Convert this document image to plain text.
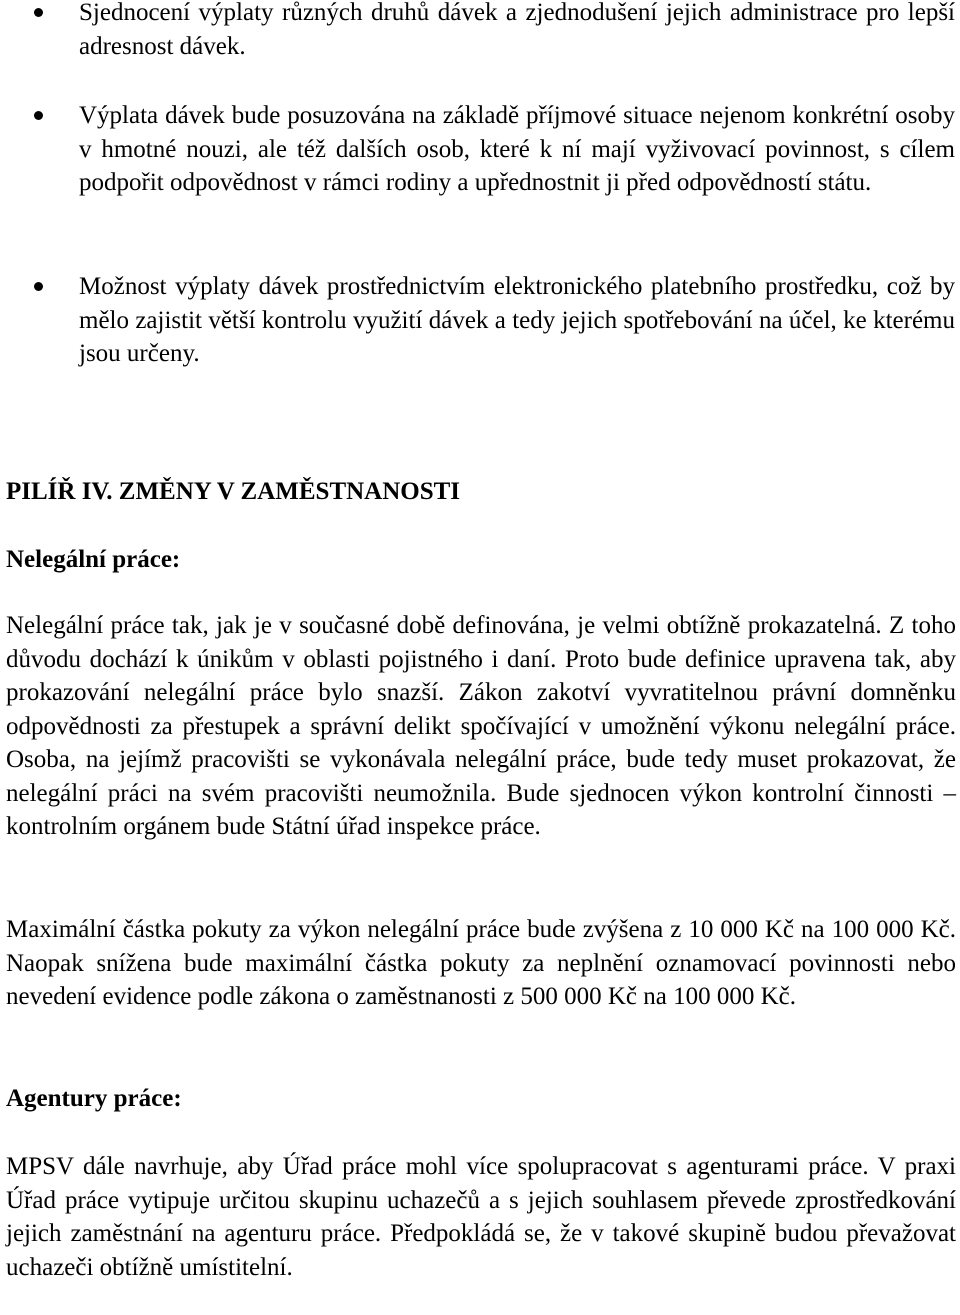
Sjednocení výplaty různých druhů dávek a zjednodušení jejich administrace pro lepší adresnost dávek.

Výplata dávek bude posuzována na základě příjmové situace nejenom konkrétní osoby v hmotné nouzi, ale též dalších osob, které k ní mají vyživovací povinnost, s cílem podpořit odpovědnost v rámci rodiny a upřednostnit ji před odpovědností státu.

Možnost výplaty dávek prostřednictvím elektronického platebního prostředku, což by mělo zajistit větší kontrolu využití dávek a tedy jejich spotřebování na účel, ke kterému jsou určeny.

PILÍŘ IV. ZMĚNY V ZAMĚSTNANOSTI
Nelegální práce:

Nelegální práce tak, jak je v současné době definována, je velmi obtížně prokazatelná. Z toho důvodu dochází k únikům v oblasti pojistného i daní. Proto bude definice upravena tak, aby prokazování nelegální práce bylo snazší. Zákon zakotví vyvratitelnou právní domněnku odpovědnosti za přestupek a správní delikt spočívající v umožnění výkonu nelegální práce. Osoba, na jejímž pracovišti se vykonávala nelegální práce, bude tedy muset prokazovat, že nelegální práci na svém pracovišti neumožnila. Bude sjednocen výkon kontrolní činnosti – kontrolním orgánem bude Státní úřad inspekce práce.

Maximální částka pokuty za výkon nelegální práce bude zvýšena z 10 000 Kč na 100 000 Kč. Naopak snížena bude maximální částka pokuty za neplnění oznamovací povinnosti nebo nevedení evidence podle zákona o zaměstnanosti z 500 000 Kč na 100 000 Kč.

Agentury práce:

MPSV dále navrhuje, aby Úřad práce mohl více spolupracovat s agenturami práce. V praxi Úřad práce vytipuje určitou skupinu uchazečů a s jejich souhlasem převede zprostředkování jejich zaměstnání na agenturu práce. Předpokládá se, že v takové skupině budou převažovat uchazeči obtížně umístitelní.
